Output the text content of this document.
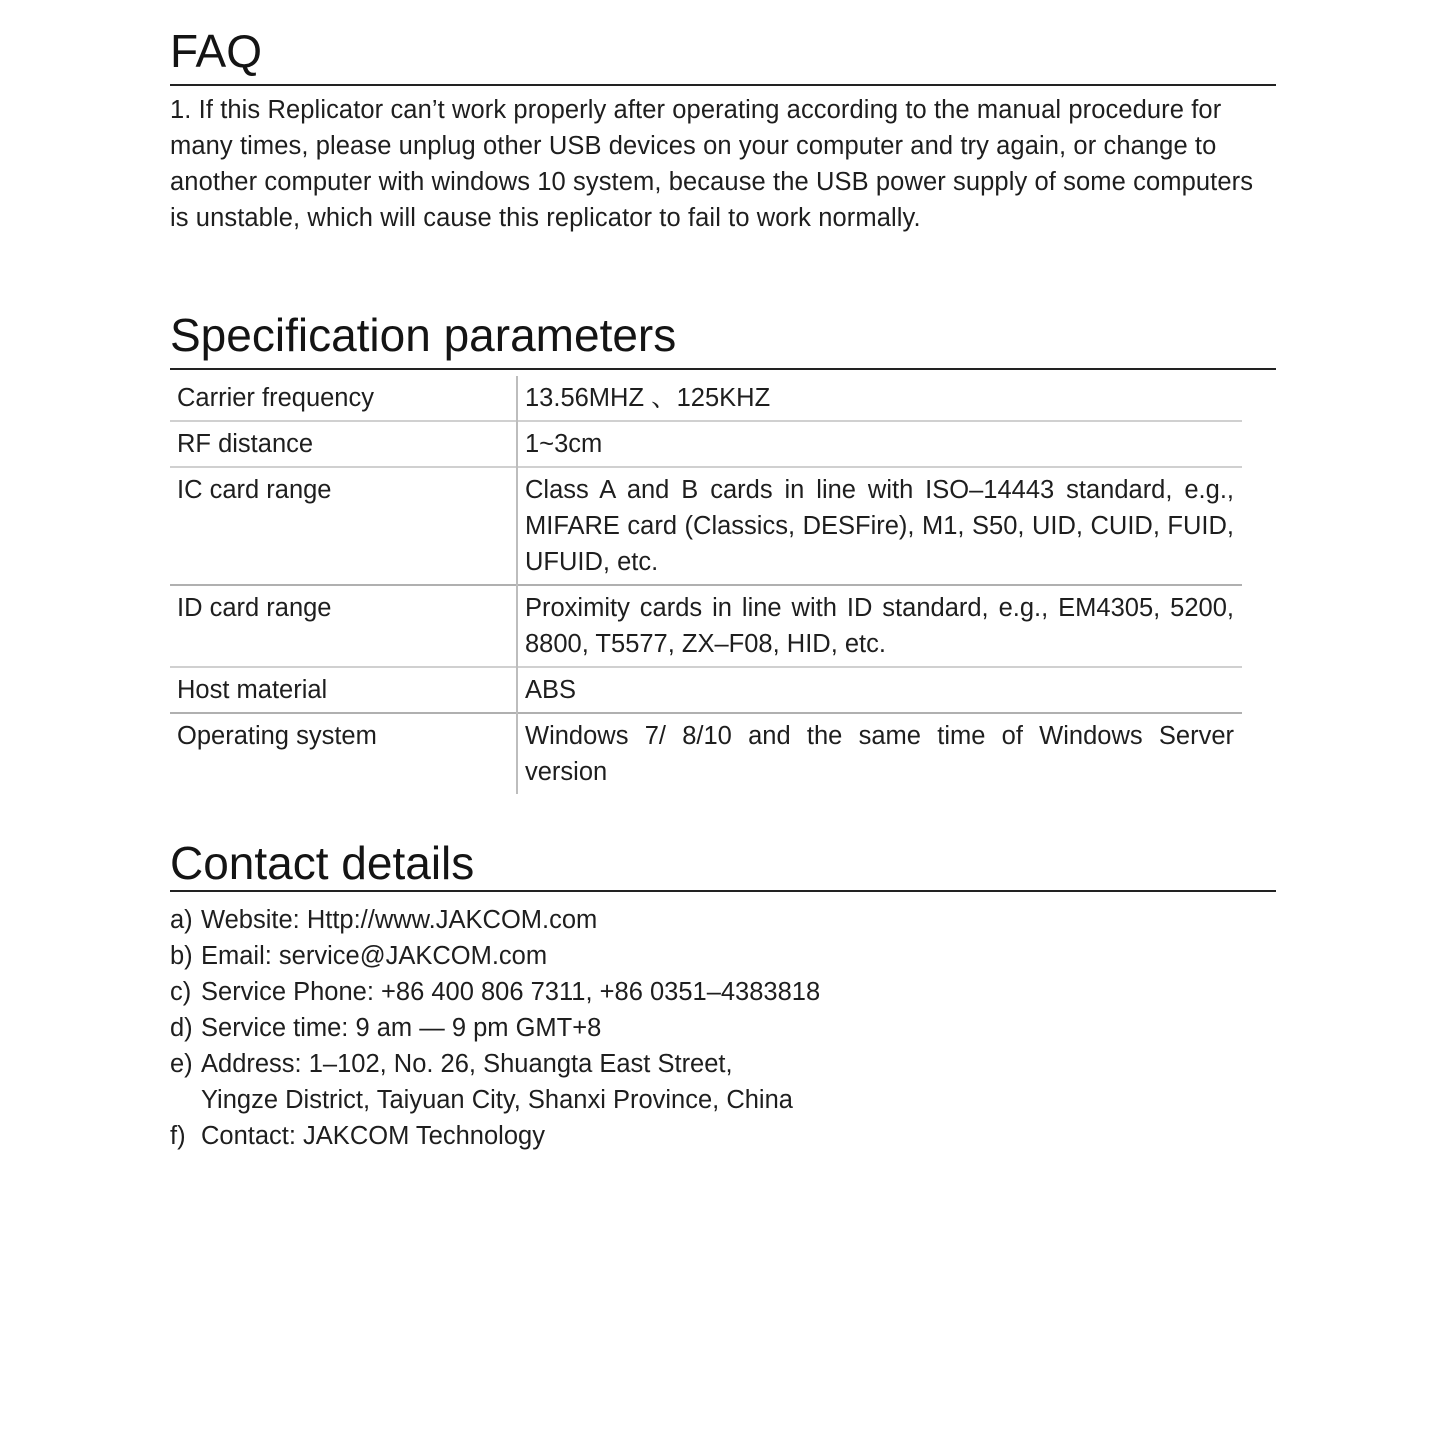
FAQ

1. If this Replicator can’t work properly after operating according to the manual procedure for many times, please unplug other USB devices on your computer and try again, or change to another computer with windows 10 system, because the USB power supply of some computers is unstable, which will cause this replicator to fail to work normally.

Specification parameters
Carrier frequency	13.56MHZ 、125KHZ
RF distance	1~3cm
IC card range	Class A and B cards in line with ISO–14443 standard, e.g., MIFARE card (Classics, DESFire), M1, S50, UID, CUID, FUID, UFUID, etc.
ID card range	Proximity cards in line with ID standard, e.g., EM4305, 5200, 8800, T5577, ZX–F08, HID, etc.
Host material	ABS
Operating system	Windows 7/ 8/10 and the same time of Windows Server version
Contact details
a) Website: Http://www.JAKCOM.com
b) Email: service@JAKCOM.com
c) Service Phone: +86 400 806 7311, +86 0351–4383818
d) Service time: 9 am — 9 pm GMT+8
e) Address: 1–102, No. 26, Shuangta East Street,
Yingze District, Taiyuan City, Shanxi Province, China
f) Contact: JAKCOM Technology
